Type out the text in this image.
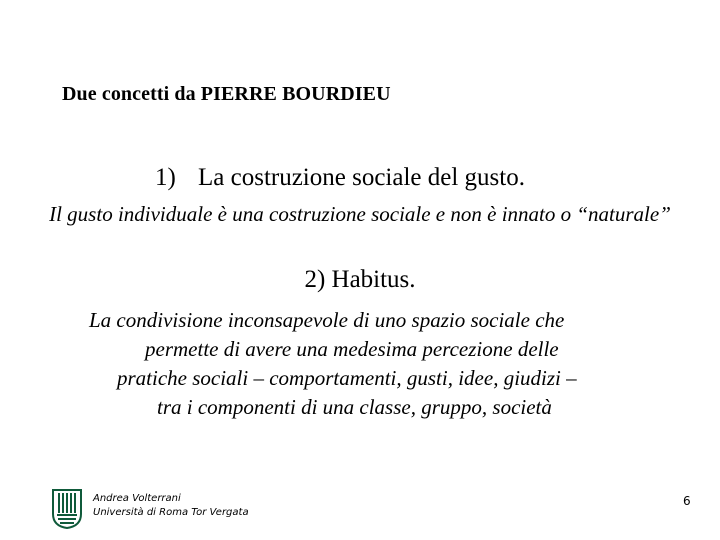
Due concetti da PIERRE BOURDIEU
1) La costruzione sociale del gusto.
Il gusto individuale è una costruzione sociale e non è innato o “naturale”
2) Habitus.
La condivisione inconsapevole di uno spazio sociale che
permette di avere una medesima percezione delle
pratiche sociali – comportamenti, gusti, idee, giudizi –
tra i componenti di una classe, gruppo, società
Andrea Volterrani
Università di Roma Tor Vergata
6
